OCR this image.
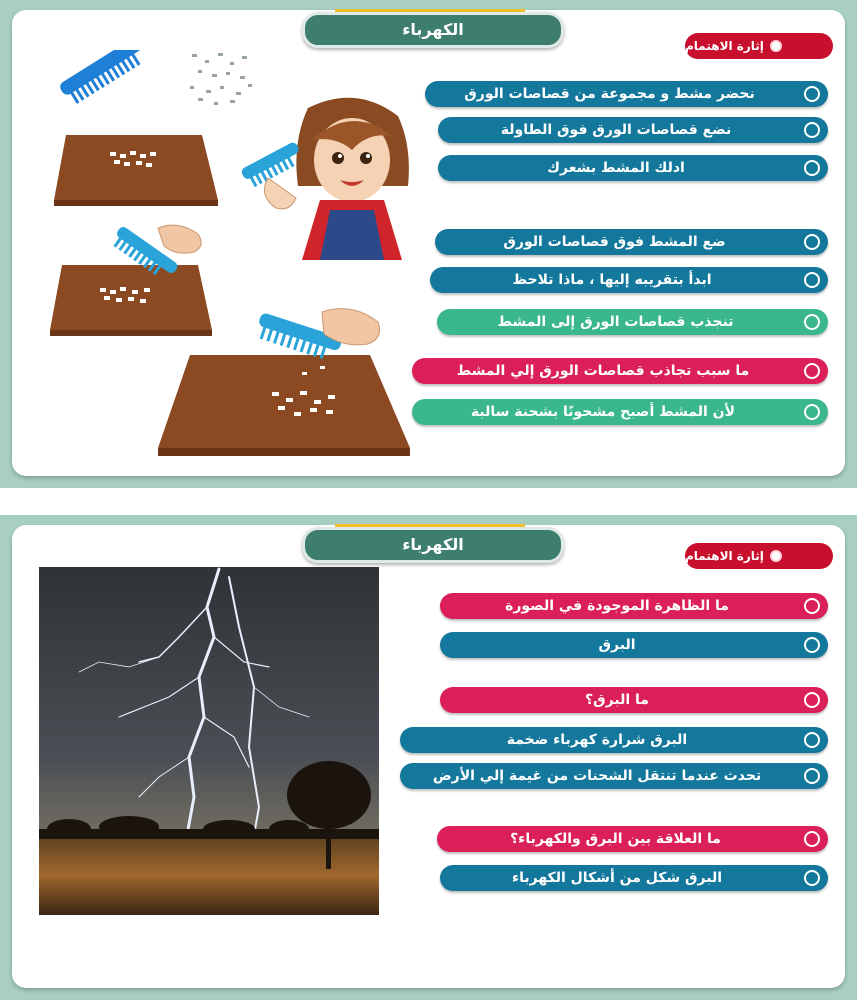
الكهرباء
إثارة الاهتمام
نحضر مشط و مجموعة من قصاصات الورق
نضع قصاصات الورق فوق الطاولة
ادلك المشط بشعرك
ضع المشط فوق قصاصات الورق
ابدأ بتقريبه إليها ، ماذا تلاحظ
تنجذب قصاصات الورق إلى المشط
ما سبب تجاذب قصاصات الورق إلي المشط
لأن المشط أصبح مشحونًا بشحنة سالبة
الكهرباء
إثارة الاهتمام
ما الظاهرة الموجودة في الصورة
البرق
ما البرق؟
البرق شرارة كهرباء ضخمة
تحدث عندما تنتقل الشحنات من غيمة إلي الأرض
ما العلاقة بين البرق والكهرباء؟
البرق شكل من أشكال الكهرباء
